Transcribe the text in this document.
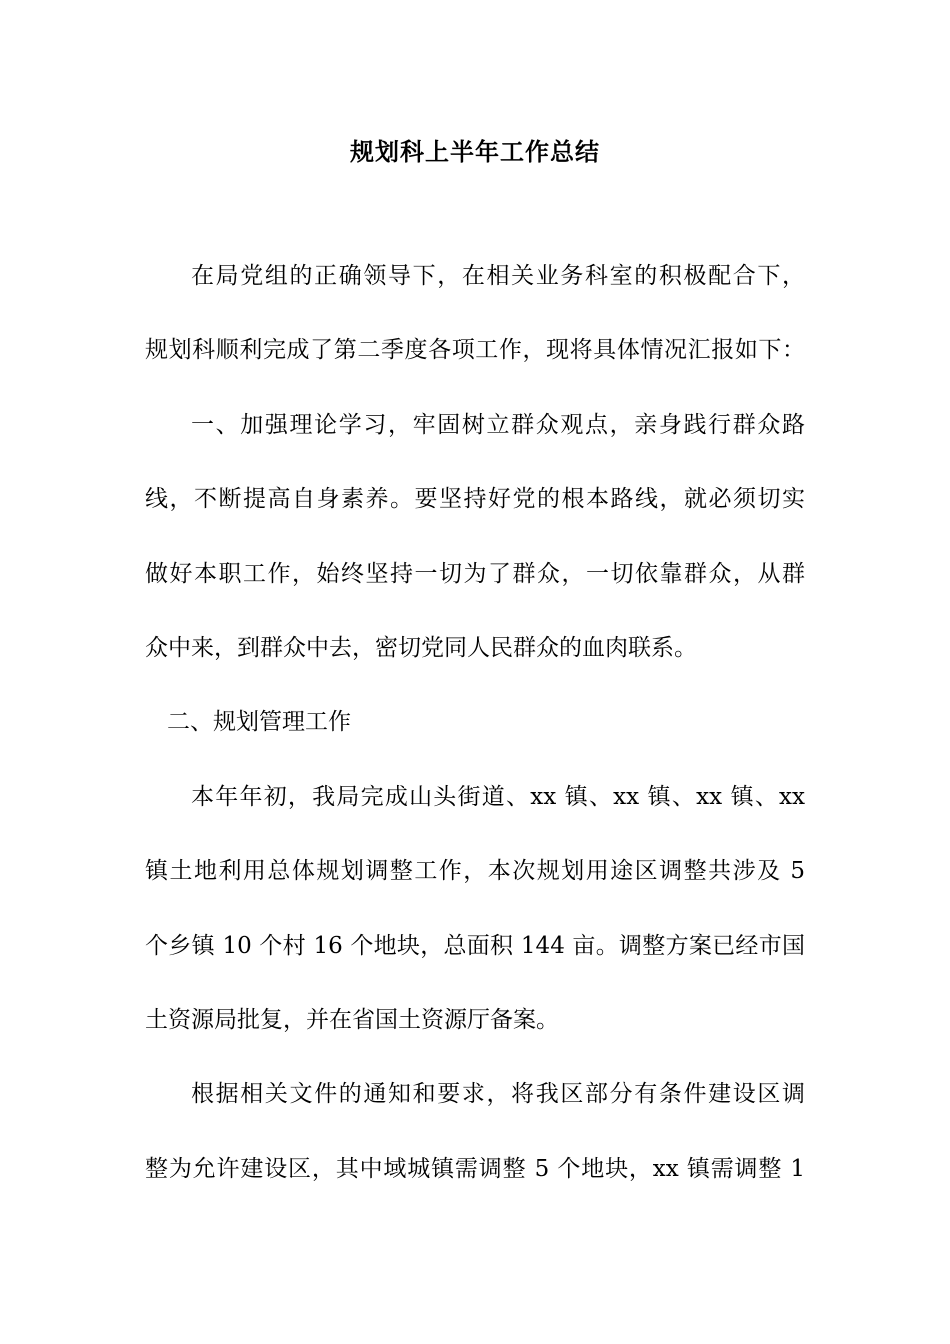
规划科上半年工作总结
在局党组的正确领导下，在相关业务科室的积极配合下，
规划科顺利完成了第二季度各项工作，现将具体情况汇报如下：
一、加强理论学习，牢固树立群众观点，亲身践行群众路
线，不断提高自身素养。要坚持好党的根本路线，就必须切实
做好本职工作，始终坚持一切为了群众，一切依靠群众，从群
众中来，到群众中去，密切党同人民群众的血肉联系。
二、规划管理工作
本年年初，我局完成山头街道、xx 镇、xx 镇、xx 镇、xx
镇土地利用总体规划调整工作，本次规划用途区调整共涉及 5
个乡镇 10 个村 16 个地块，总面积 144 亩。调整方案已经市国
土资源局批复，并在省国土资源厅备案。
根据相关文件的通知和要求，将我区部分有条件建设区调
整为允许建设区，其中域城镇需调整 5 个地块，xx 镇需调整 1
